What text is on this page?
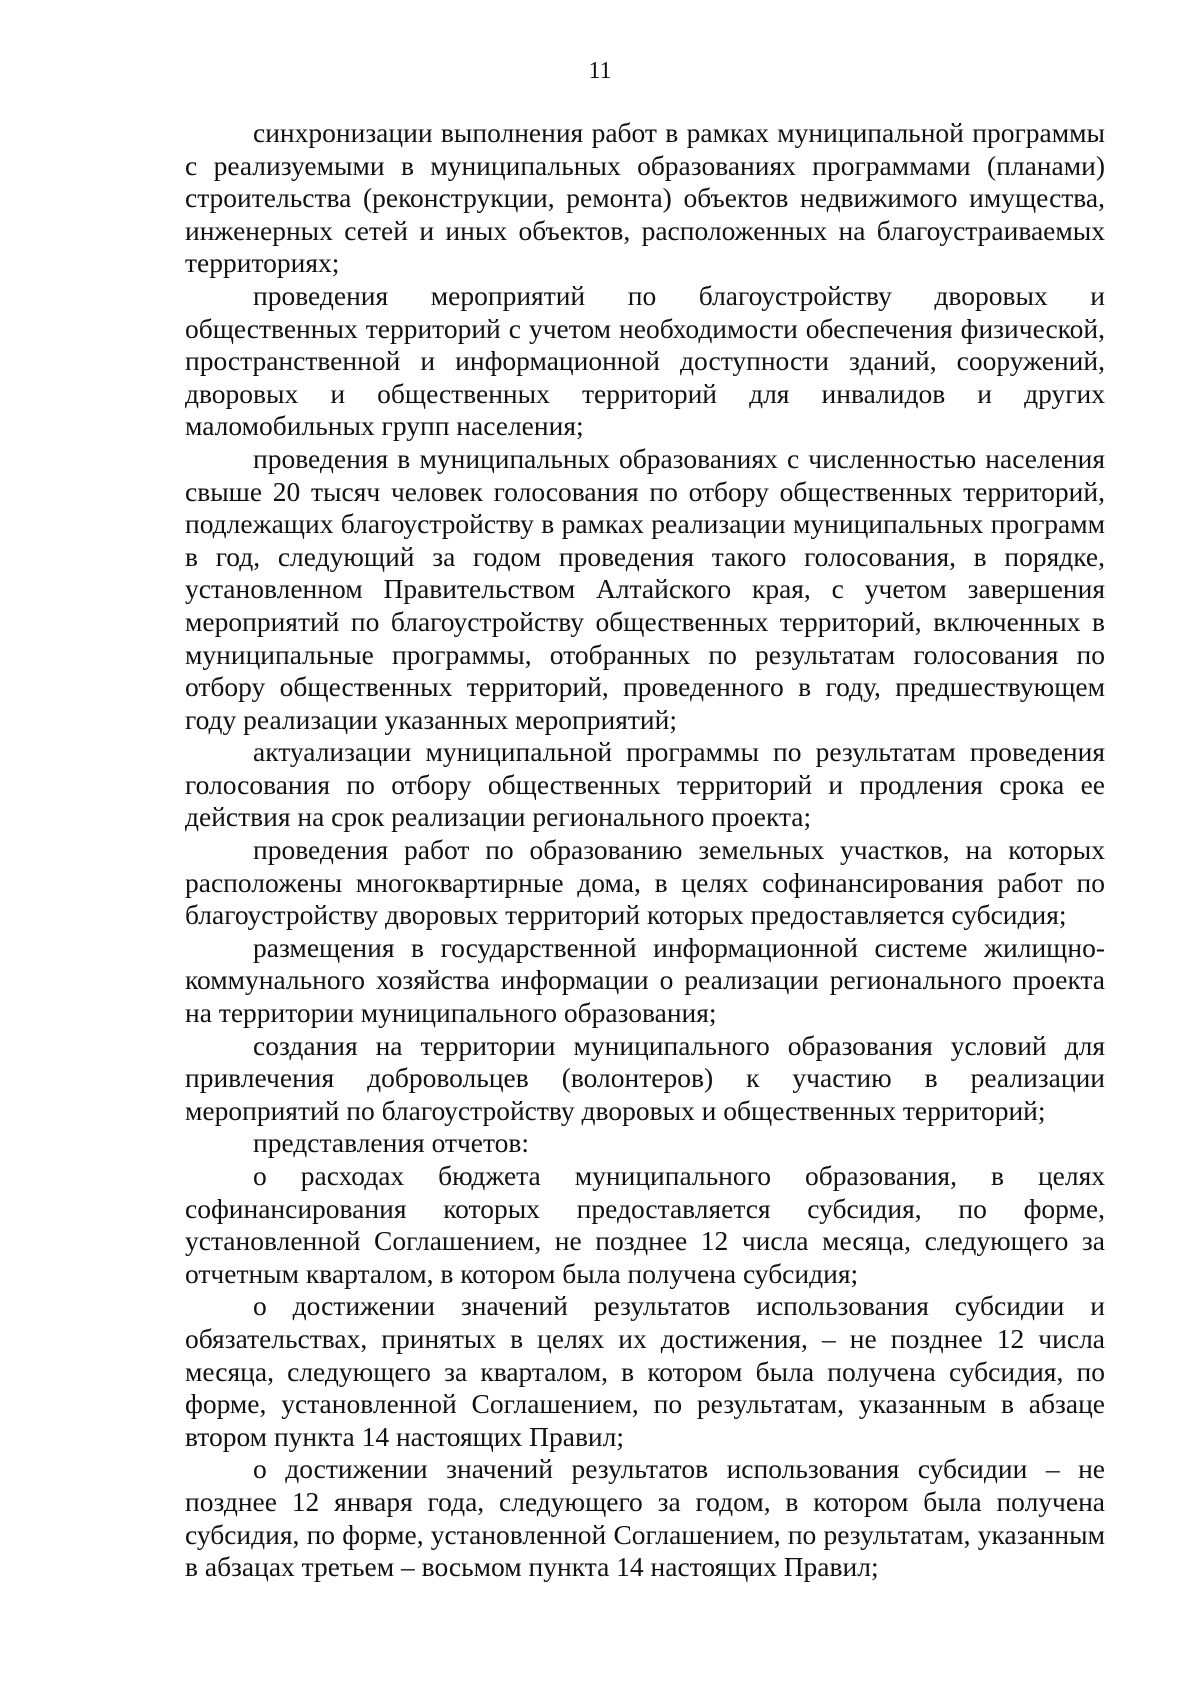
11

синхронизации выполнения работ в рамках муниципальной программы с реализуемыми в муниципальных образованиях программами (планами) строительства (реконструкции, ремонта) объектов недвижимого имущества, инженерных сетей и иных объектов, расположенных на благоустраиваемых территориях;

проведения мероприятий по благоустройству дворовых и общественных территорий с учетом необходимости обеспечения физической, пространственной и информационной доступности зданий, сооружений, дворовых и общественных территорий для инвалидов и других маломобильных групп населения;

проведения в муниципальных образованиях с численностью населения свыше 20 тысяч человек голосования по отбору общественных территорий, подлежащих благоустройству в рамках реализации муниципальных программ в год, следующий за годом проведения такого голосования, в порядке, установленном Правительством Алтайского края, с учетом завершения мероприятий по благоустройству общественных территорий, включенных в муниципальные программы, отобранных по результатам голосования по отбору общественных территорий, проведенного в году, предшествующем году реализации указанных мероприятий;

актуализации муниципальной программы по результатам проведения голосования по отбору общественных территорий и продления срока ее действия на срок реализации регионального проекта;

проведения работ по образованию земельных участков, на которых расположены многоквартирные дома, в целях софинансирования работ по благоустройству дворовых территорий которых предоставляется субсидия;

размещения в государственной информационной системе жилищно-коммунального хозяйства информации о реализации регионального проекта на территории муниципального образования;

создания на территории муниципального образования условий для привлечения добровольцев (волонтеров) к участию в реализации мероприятий по благоустройству дворовых и общественных территорий;

представления отчетов:

о расходах бюджета муниципального образования, в целях софинансирования которых предоставляется субсидия, по форме, установленной Соглашением, не позднее 12 числа месяца, следующего за отчетным кварталом, в котором была получена субсидия;

о достижении значений результатов использования субсидии и обязательствах, принятых в целях их достижения, – не позднее 12 числа месяца, следующего за кварталом, в котором была получена субсидия, по форме, установленной Соглашением, по результатам, указанным в абзаце втором пункта 14 настоящих Правил;

о достижении значений результатов использования субсидии – не позднее 12 января года, следующего за годом, в котором была получена субсидия, по форме, установленной Соглашением, по результатам, указанным в абзацах третьем – восьмом пункта 14 настоящих Правил;
